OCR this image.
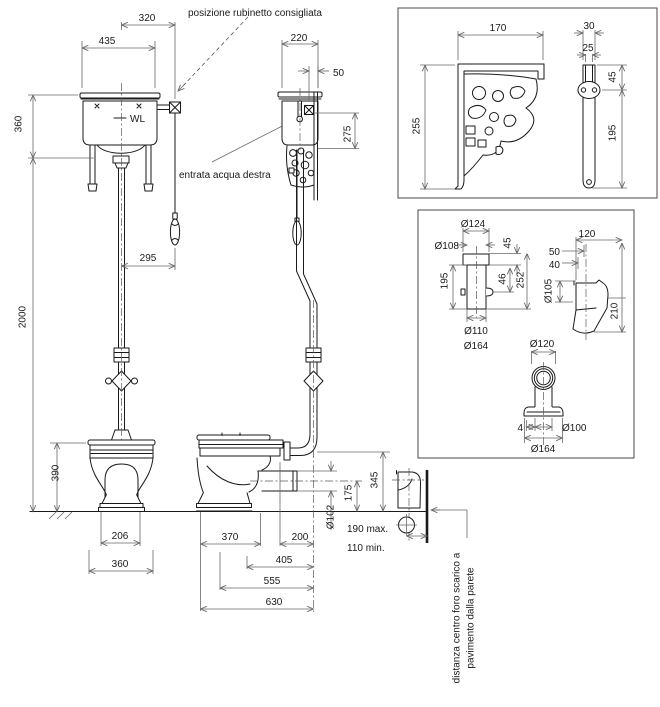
320
435
WL
360
2000
295
390
206
360
posizione rubinetto consigliata
entrata acqua destra
220
50
275
370	200
405
555
630
Ø102
175
345
190 max.
110 min.
distanza centro foro scarico a pavimento dalla parete
170
255
30
25
45
195
Ø124
Ø108	45
46 252
195
Ø110
Ø164
120
50
40
Ø105
210
Ø120
4	Ø100
Ø164
